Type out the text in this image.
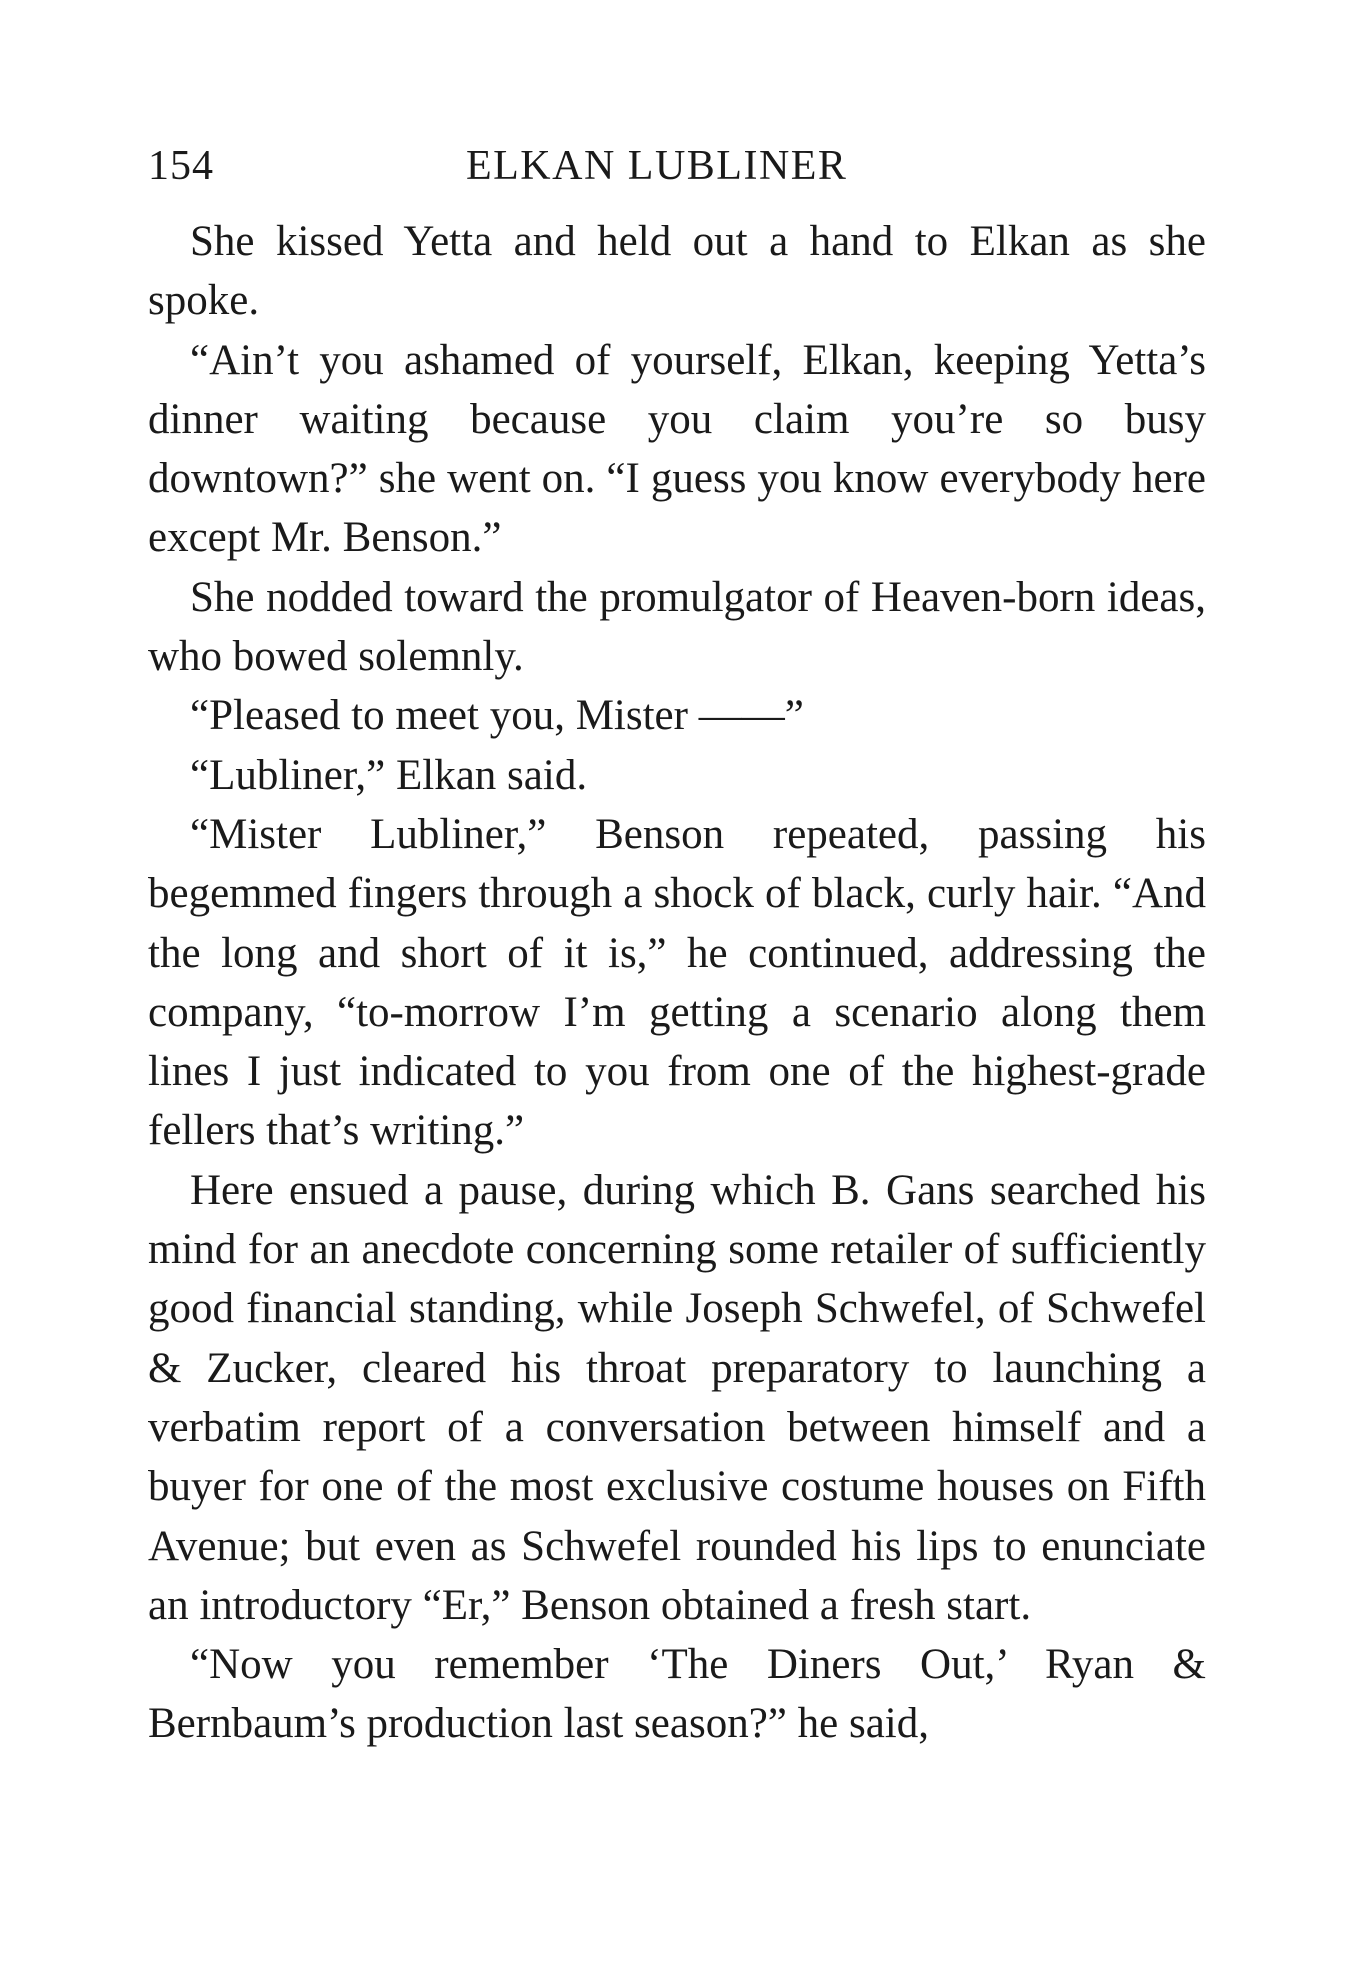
154	ELKAN LUBLINER

She kissed Yetta and held out a hand to Elkan as she spoke.

“Ain’t you ashamed of yourself, Elkan, keeping Yetta’s dinner waiting because you claim you’re so busy downtown?” she went on. “I guess you know everybody here except Mr. Benson.”

She nodded toward the promulgator of Heaven-born ideas, who bowed solemnly.

“Pleased to meet you, Mister ——”

“Lubliner,” Elkan said.

“Mister Lubliner,” Benson repeated, passing his begemmed fingers through a shock of black, curly hair. “And the long and short of it is,” he continued, addressing the company, “to-morrow I’m getting a scenario along them lines I just indicated to you from one of the highest-grade fellers that’s writing.”

Here ensued a pause, during which B. Gans searched his mind for an anecdote concerning some retailer of sufficiently good financial standing, while Joseph Schwefel, of Schwefel & Zucker, cleared his throat preparatory to launching a verbatim report of a conversation between himself and a buyer for one of the most exclusive costume houses on Fifth Avenue; but even as Schwefel rounded his lips to enunciate an introductory “Er,” Benson obtained a fresh start.

“Now you remember ‘The Diners Out,’ Ryan & Bernbaum’s production last season?” he said,
